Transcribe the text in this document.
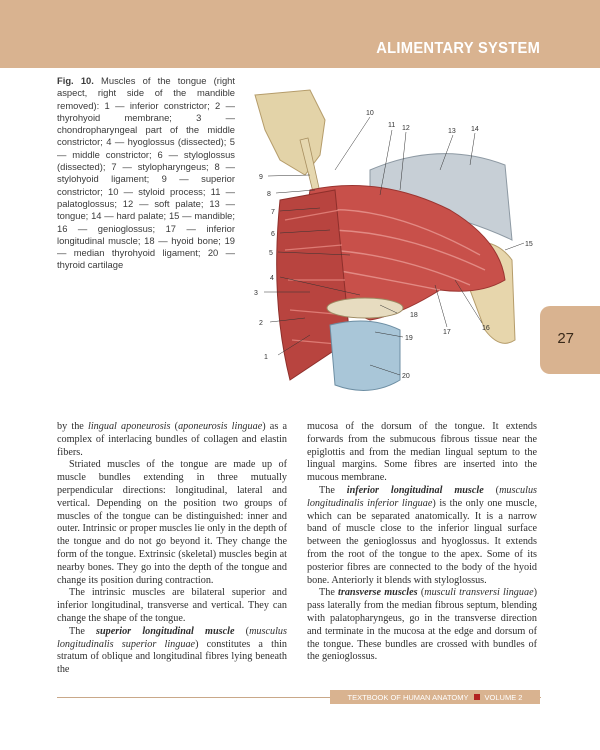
ALIMENTARY SYSTEM
Fig. 10. Muscles of the tongue (right aspect, right side of the mandible removed): 1 — inferior constrictor; 2 — thyrohyoid membrane; 3 — chondropharyngeal part of the middle constrictor; 4 — hyoglossus (dissected); 5 — middle constrictor; 6 — styloglossus (dissected); 7 — stylopharyngeus; 8 — stylohyoid ligament; 9 — superior constrictor; 10 — styloid process; 11 — palatoglossus; 12 — soft palate; 13 — tongue; 14 — hard palate; 15 — mandible; 16 — genioglossus; 17 — inferior longitudinal muscle; 18 — hyoid bone; 19 — median thyrohyoid ligament; 20 — thyroid cartilage
1
2
3
4
5
6
7
8
9
10
11 12	13 14
15
16
17
18
19
20
27

by the lingual aponeurosis (aponeurosis linguae) as a complex of interlacing bundles of collagen and elastin fibers.

Striated muscles of the tongue are made up of muscle bundles extending in three mutually perpendicular directions: longitudinal, lateral and vertical. Depending on the position two groups of muscles of the tongue can be distinguished: inner and outer. Intrinsic or proper muscles lie only in the depth of the tongue and do not go beyond it. They change the form of the tongue. Extrinsic (skeletal) muscles begin at nearby bones. They go into the depth of the tongue and change its position during contraction.

The intrinsic muscles are bilateral superior and inferior longitudinal, transverse and vertical. They can change the shape of the tongue.

The superior longitudinal muscle (musculus longitudinalis superior linguae) constitutes a thin stratum of oblique and longitudinal fibres lying beneath the

mucosa of the dorsum of the tongue. It extends forwards from the submucous fibrous tissue near the epiglottis and from the median lingual septum to the lingual margins. Some fibres are inserted into the mucous membrane.

The inferior longitudinal muscle (musculus longitudinalis inferior linguae) is the only one muscle, which can be separated anatomically. It is a narrow band of muscle close to the inferior lingual surface between the genioglossus and hyoglossus. It extends from the root of the tongue to the apex. Some of its posterior fibres are connected to the body of the hyoid bone. Anteriorly it blends with styloglossus.

The transverse muscles (musculi transversi linguae) pass laterally from the median fibrous septum, blending with palatopharyngeus, go in the transverse direction and terminate in the mucosa at the edge and dorsum of the tongue. These bundles are crossed with bundles of the genioglossus.

TEXTBOOK OF HUMAN ANATOMY VOLUME 2
